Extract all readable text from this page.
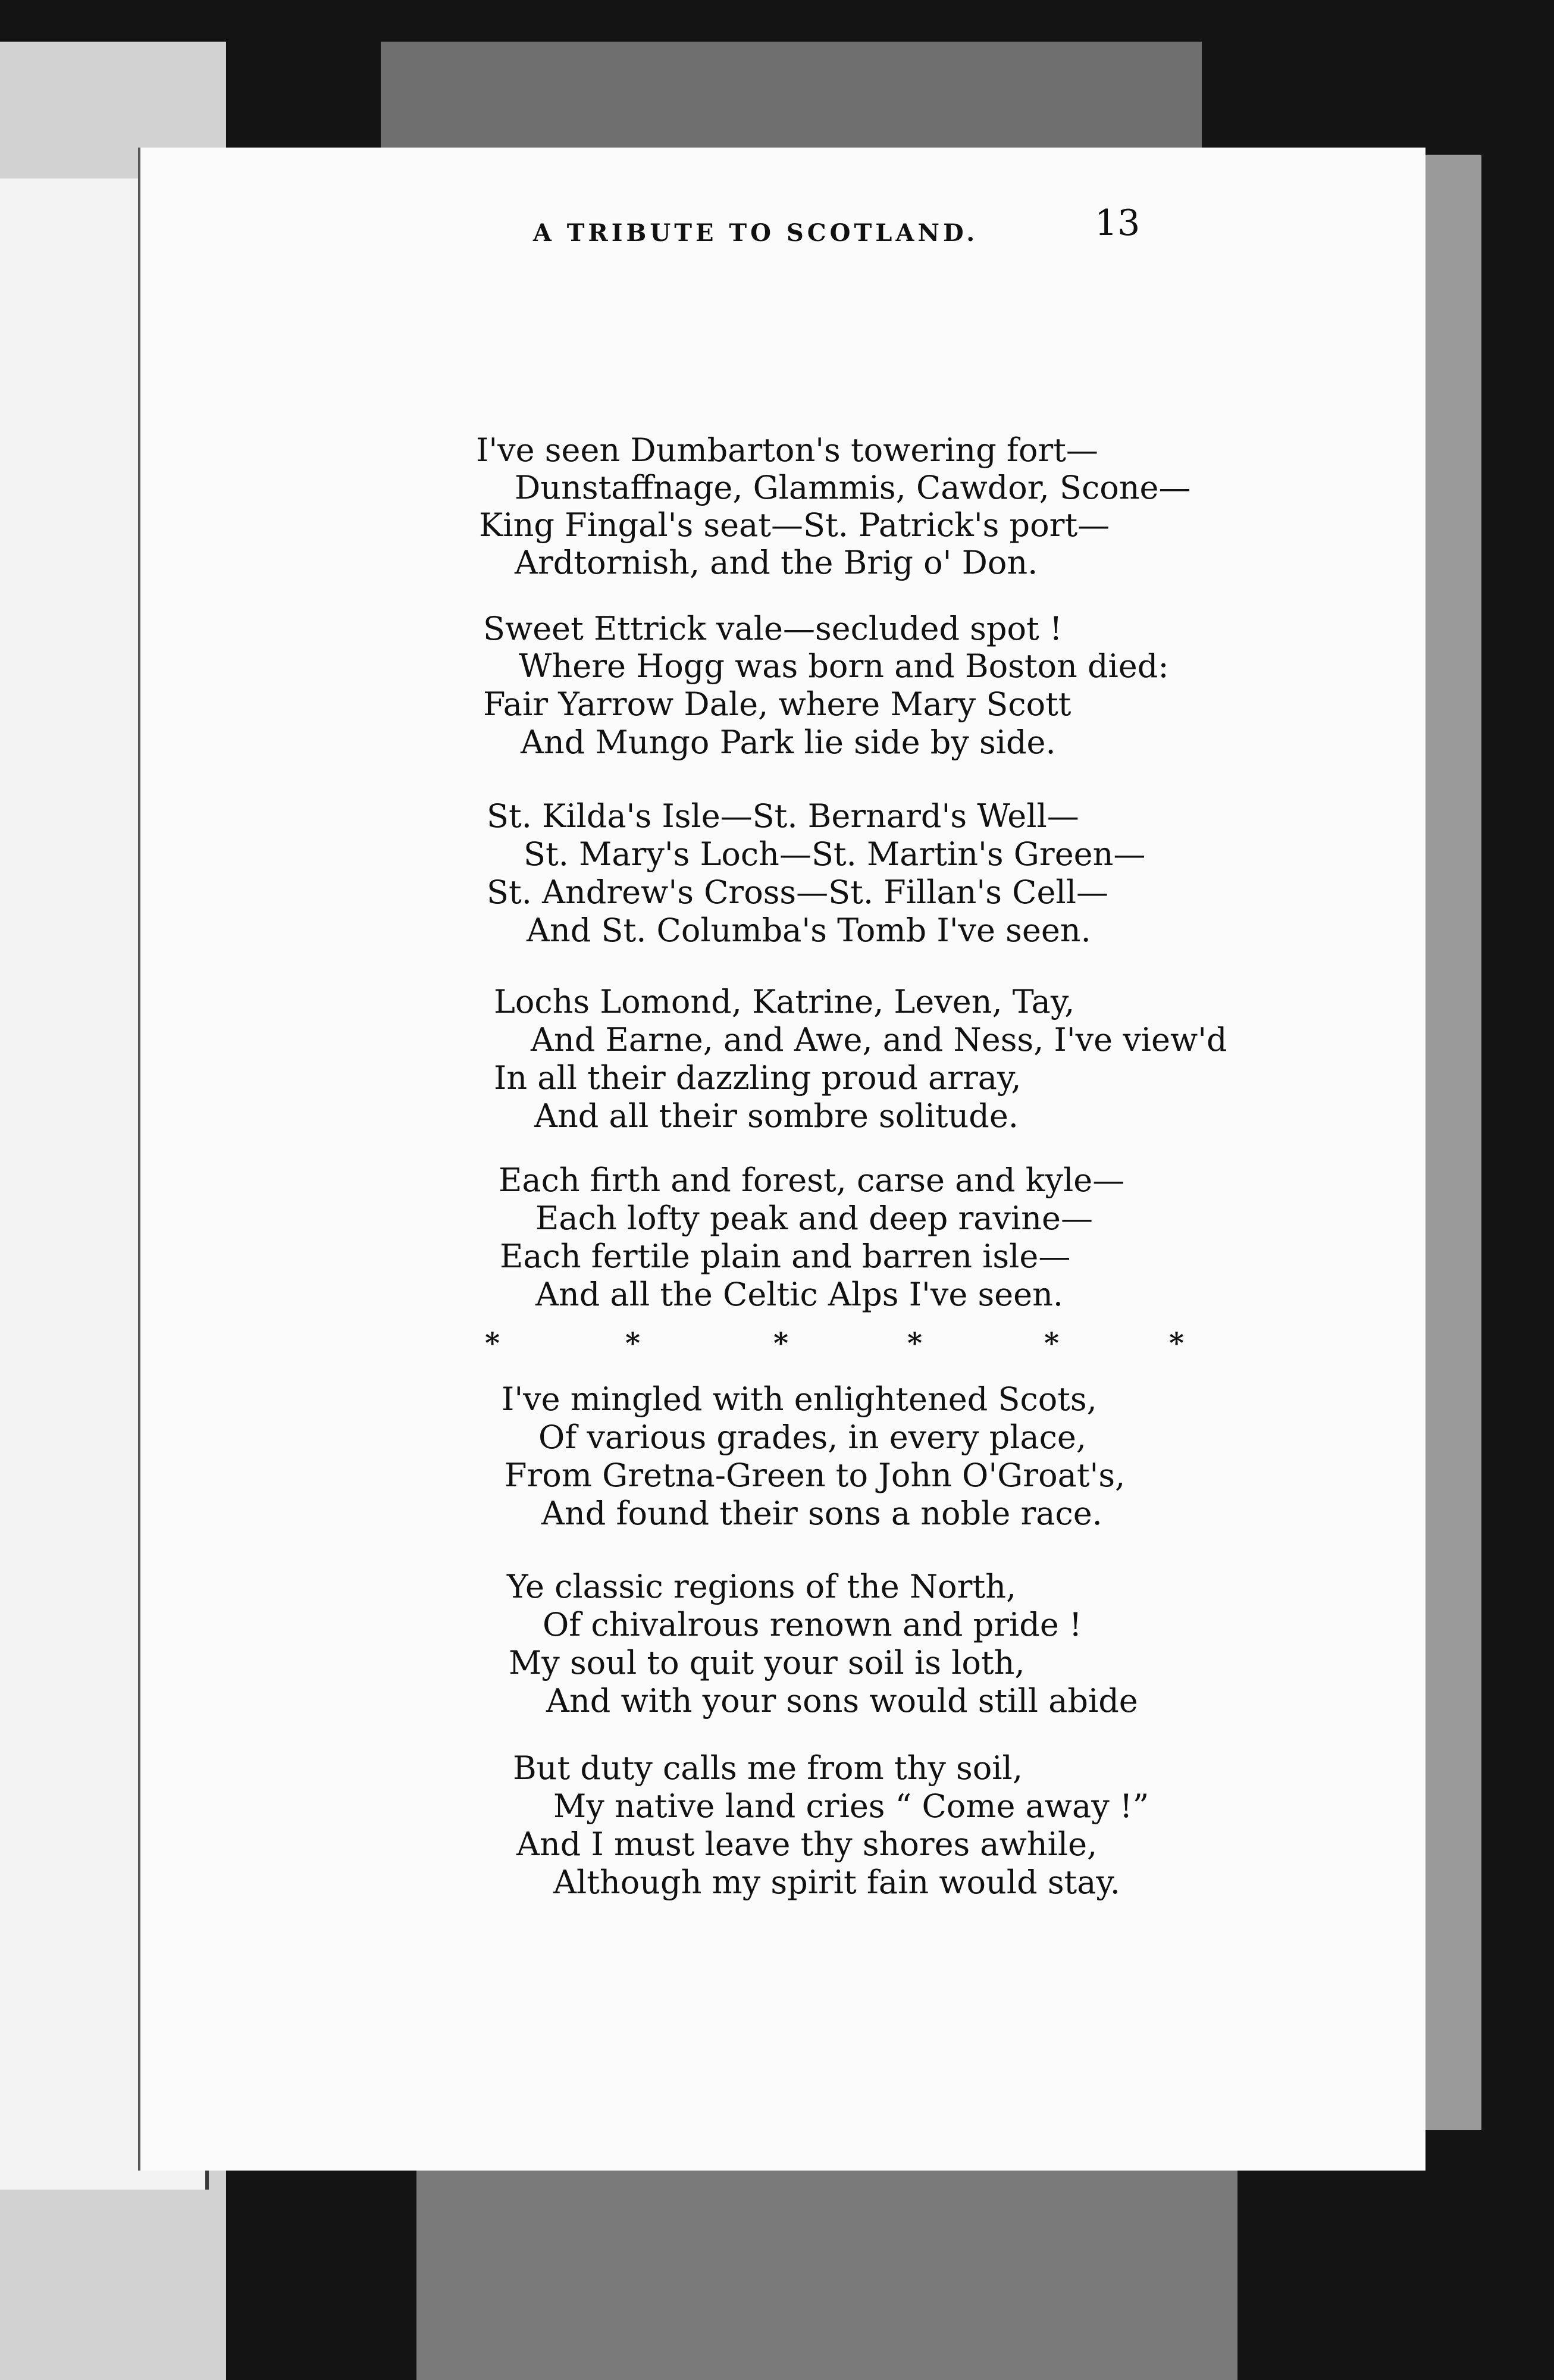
A TRIBUTE TO SCOTLAND.	13
I've seen Dumbarton's towering fort—
Dunstaffnage, Glammis, Cawdor, Scone—
King Fingal's seat—St. Patrick's port—
Ardtornish, and the Brig o' Don.
Sweet Ettrick vale—secluded spot !
Where Hogg was born and Boston died:
Fair Yarrow Dale, where Mary Scott
And Mungo Park lie side by side.
St. Kilda's Isle—St. Bernard's Well—
St. Mary's Loch—St. Martin's Green—
St. Andrew's Cross—St. Fillan's Cell—
And St. Columba's Tomb I've seen.
Lochs Lomond, Katrine, Leven, Tay,
And Earne, and Awe, and Ness, I've view'd
In all their dazzling proud array,
And all their sombre solitude.
Each firth and forest, carse and kyle—
Each lofty peak and deep ravine—
Each fertile plain and barren isle—
And all the Celtic Alps I've seen.
*	*	*	*	*	*
I've mingled with enlightened Scots,
Of various grades, in every place,
From Gretna-Green to John O'Groat's,
And found their sons a noble race.
Ye classic regions of the North,
Of chivalrous renown and pride !
My soul to quit your soil is loth,
And with your sons would still abide
But duty calls me from thy soil,
My native land cries “ Come away !”
And I must leave thy shores awhile,
Although my spirit fain would stay.
